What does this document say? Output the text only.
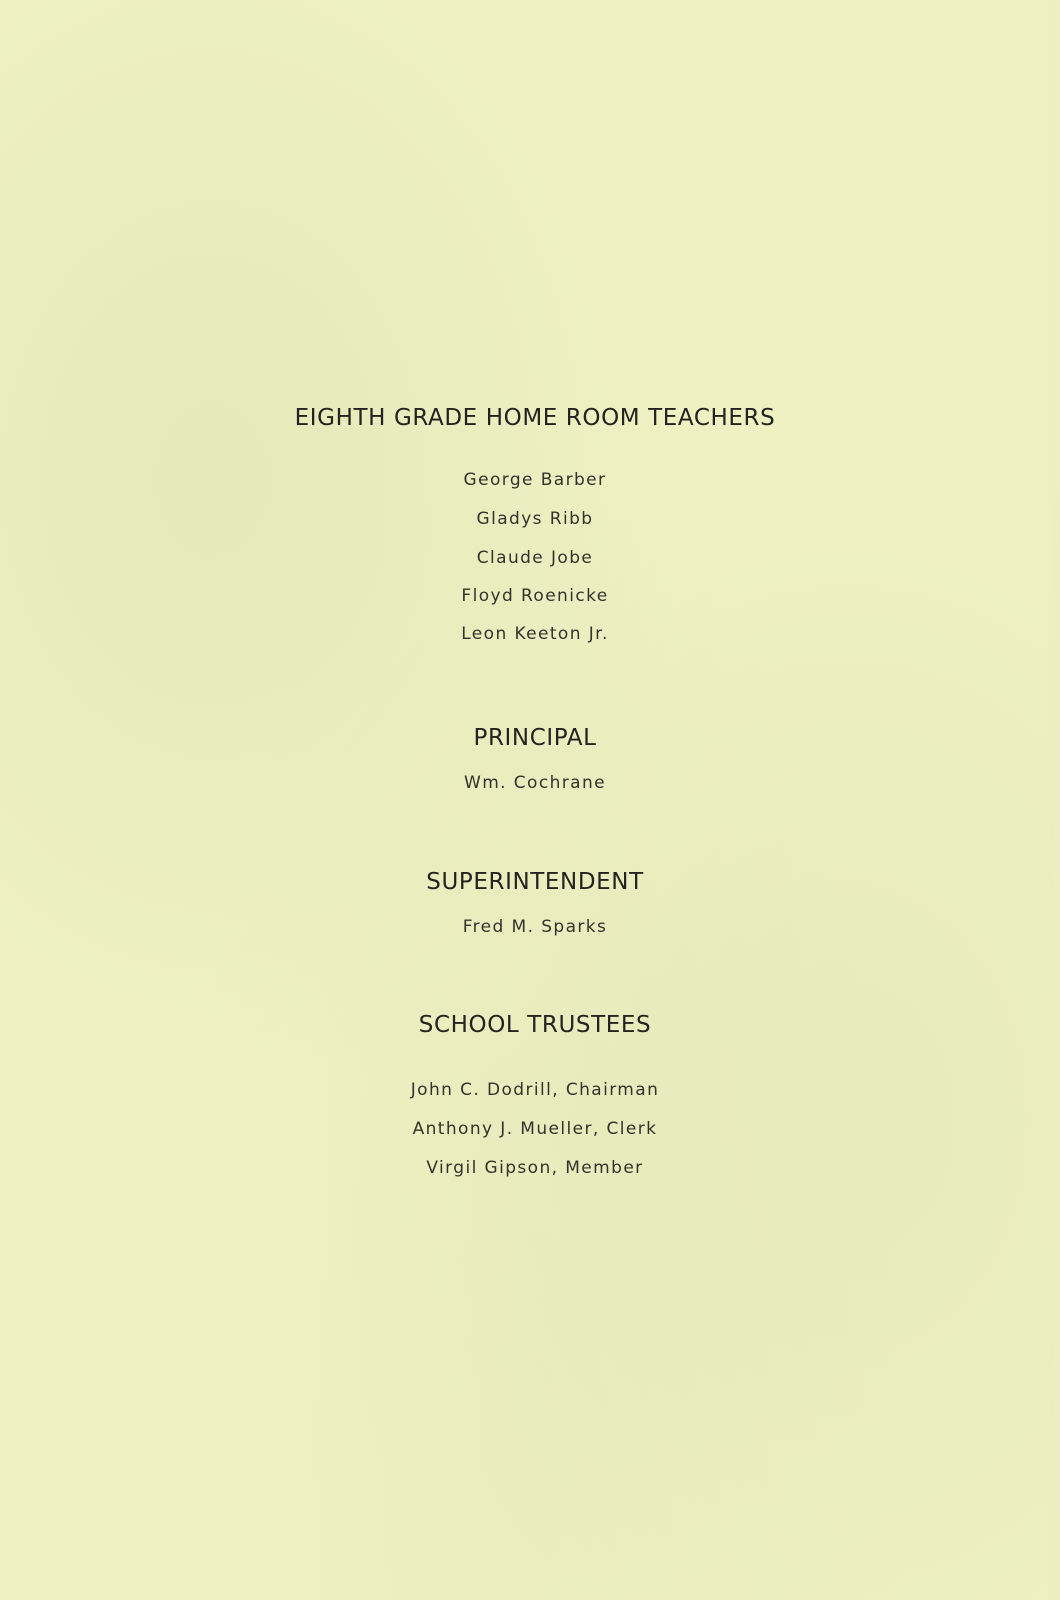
EIGHTH GRADE HOME ROOM TEACHERS
George Barber
Gladys Ribb
Claude Jobe
Floyd Roenicke
Leon Keeton Jr.
PRINCIPAL
Wm. Cochrane
SUPERINTENDENT
Fred M. Sparks
SCHOOL TRUSTEES
John C. Dodrill, Chairman
Anthony J. Mueller, Clerk
Virgil Gipson, Member
